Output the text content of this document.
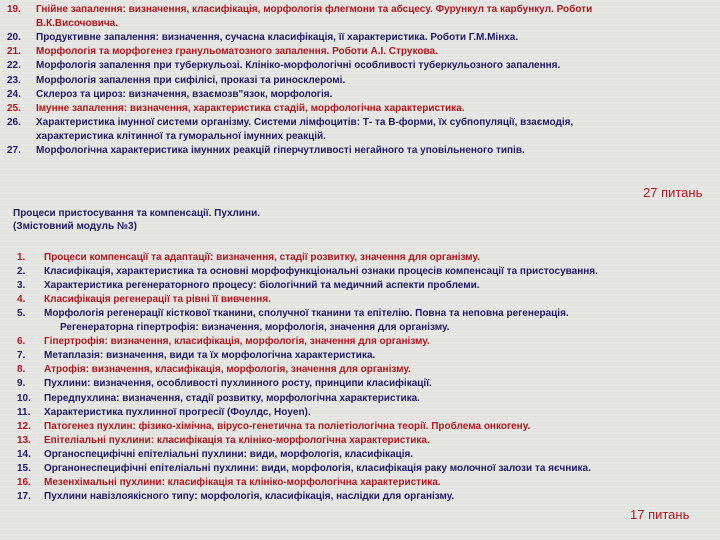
19. Гнійне запалення: визначення, класифікація, морфологія флегмони та абсцесу. Фурункул та карбункул. Роботи
В.К.Височовича.
20. Продуктивне запалення: визначення, сучасна класифікація, її характеристика. Роботи Г.М.Мінха.
21. Морфологія та морфогенез гранульоматозного запалення. Роботи А.І. Струкова.
22. Морфологія запалення при туберкульозі. Клініко-морфологічні особливості туберкульозного запалення.
23. Морфологія запалення при сифілісі, проказі та риносклеромі.
24. Склероз та цироз: визначення, взаємозв"язок, морфологія.
25. Імунне запалення: визначення, характеристика стадій, морфологічна характеристика.
26. Характеристика імунної системи організму. Системи лімфоцитів: Т- та В-форми, їх субпопуляції, взаємодія,
характеристика клітинної та гуморальної імунних реакцій.
27. Морфологічна характеристика імунних реакцій гіперчутливості негайного та уповільненого типів.
27 питань
Процеси пристосування та компенсації. Пухлини.
(Змістовний модуль №3)
1. Процеси компенсації та адаптації: визначення, стадії розвитку, значення для організму.
2. Класифікація, характеристика та основні морфофункціональні ознаки процесів компенсації та пристосування.
3. Характеристика регенераторного процесу: біологічний та медичний аспекти проблеми.
4. Класифікація регенерації та рівні її вивчення.
5. Морфологія регенерації кісткової тканини, сполучної тканини та епітелію. Повна та неповна регенерація.
Регенераторна гіпертрофія: визначення, морфологія, значення для організму.
6. Гіпертрофія: визначення, класифікація, морфологія, значення для організму.
7. Метаплазія: визначення, види та їх морфологічна характеристика.
8. Атрофія: визначення, класифікація, морфологія, значення для організму.
9. Пухлини: визначення, особливості пухлинного росту, принципи класифікації.
10. Передпухлина: визначення, стадії розвитку, морфологічна характеристика.
11. Характеристика пухлинної прогресії (Фоулдс, Hoyen).
12. Патогенез пухлин: фізико-хімічна, вірусо-генетична та поліетіологічна теорії. Проблема онкогену.
13. Епітеліальні пухлини: класифікація та клініко-морфологічна характеристика.
14. Органоспецифічні епітеліальні пухлини: види, морфологія, класифікація.
15. Органонеспецифічні епітеліальні пухлини: види, морфологія, класифікація раку молочної залози та яєчника.
16. Мезенхімальні пухлини: класифікація та клініко-морфологічна характеристика.
17. Пухлини навізлоякісного типу: морфологія, класифікація, наслідки для організму.
17 питань
